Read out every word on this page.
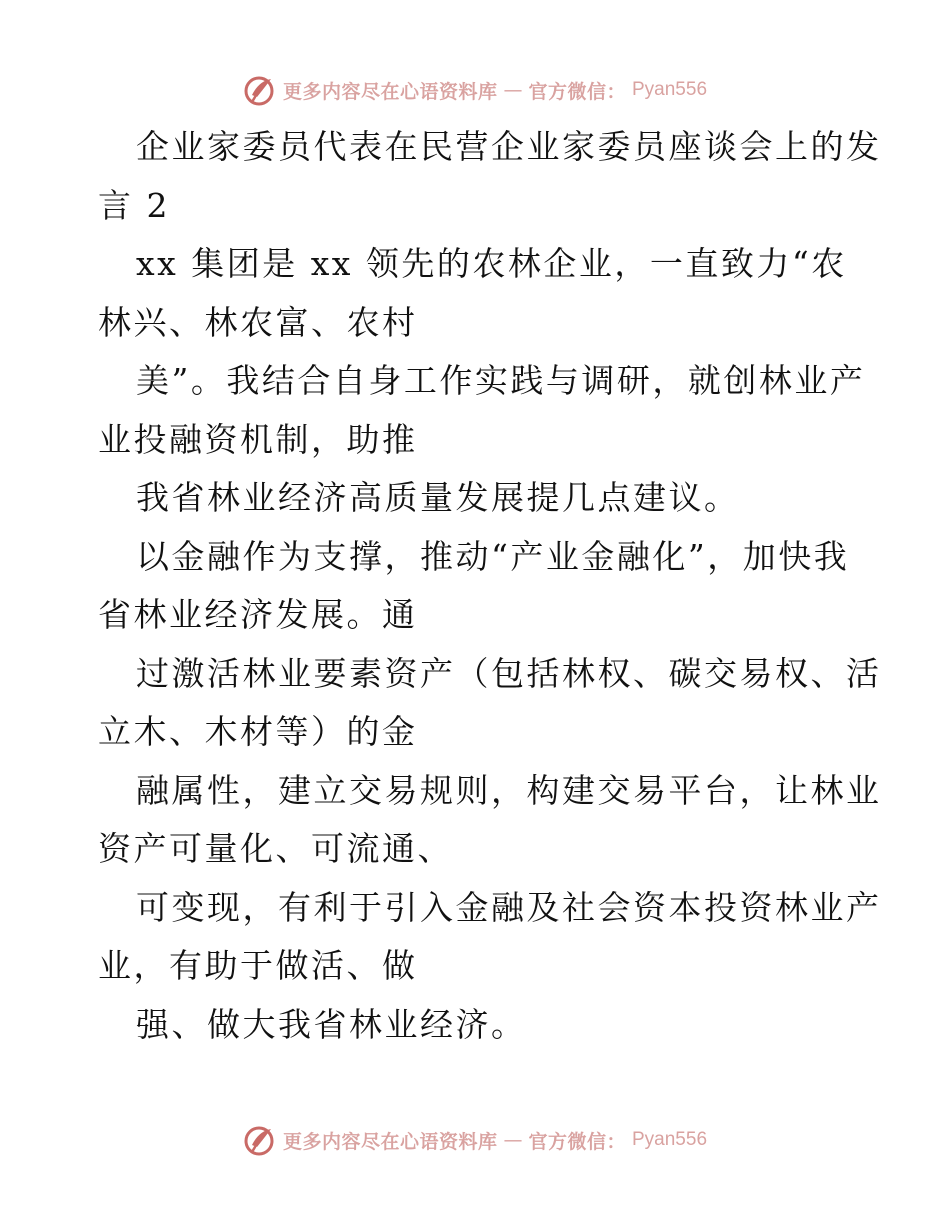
更多内容尽在心语资料库 — 官方微信： Pyan556
企业家委员代表在民营企业家委员座谈会上的发
言 2
xx 集团是 xx 领先的农林企业，一直致力“农
林兴、林农富、农村
美”。我结合自身工作实践与调研，就创林业产
业投融资机制，助推
我省林业经济高质量发展提几点建议。
以金融作为支撑，推动“产业金融化”，加快我
省林业经济发展。通
过激活林业要素资产（包括林权、碳交易权、活
立木、木材等）的金
融属性，建立交易规则，构建交易平台，让林业
资产可量化、可流通、
可变现，有利于引入金融及社会资本投资林业产
业，有助于做活、做
强、做大我省林业经济。
更多内容尽在心语资料库 — 官方微信： Pyan556
